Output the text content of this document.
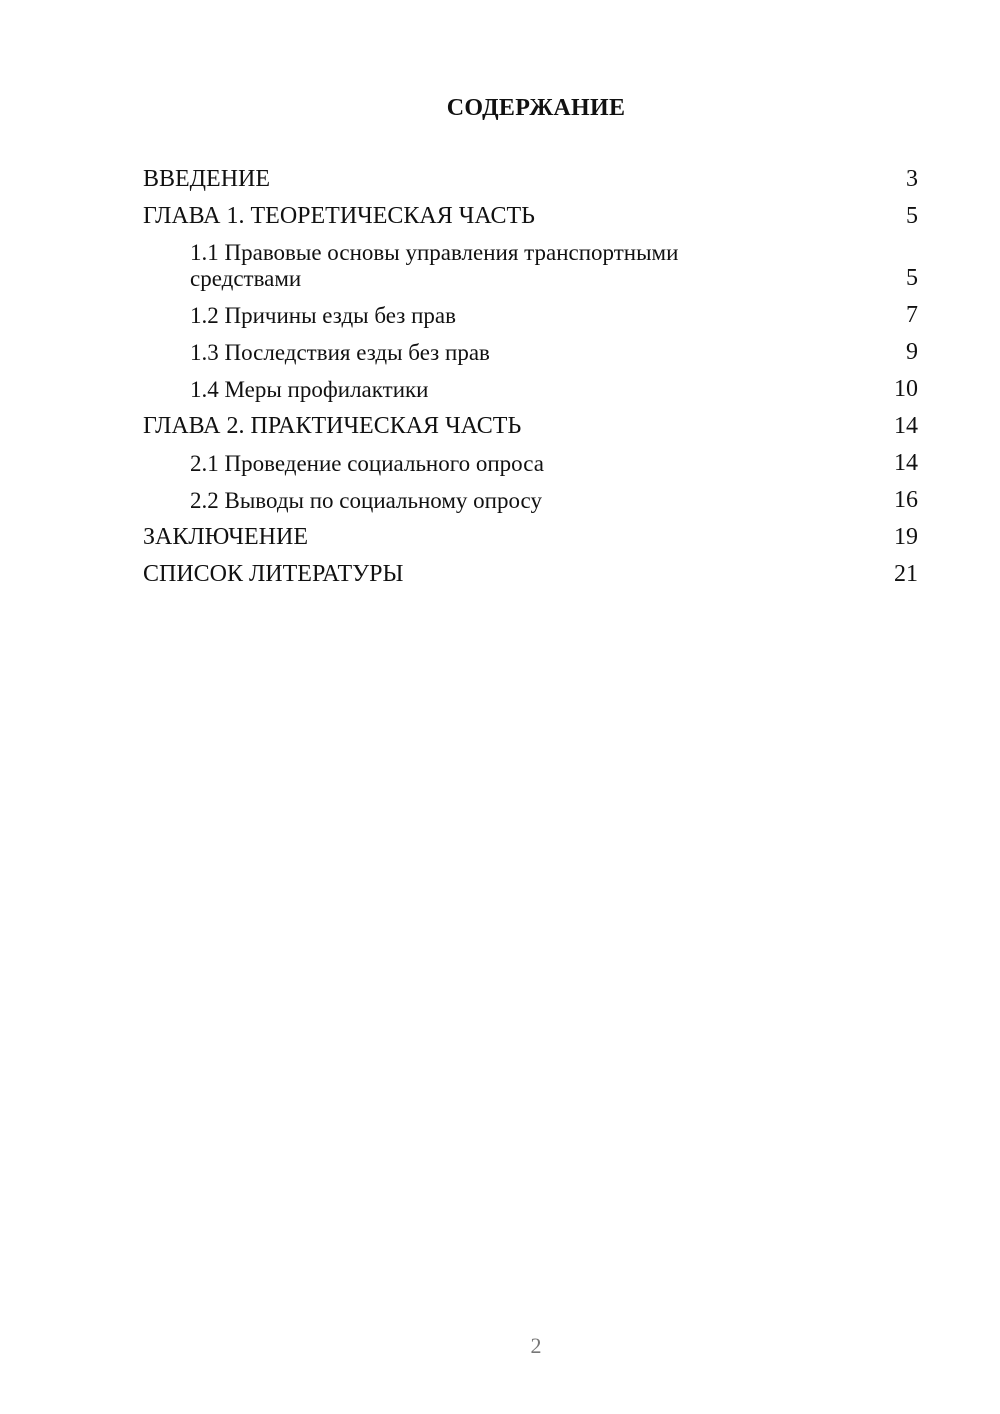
СОДЕРЖАНИЕ
ВВЕДЕНИЕ	3
ГЛАВА 1. ТЕОРЕТИЧЕСКАЯ ЧАСТЬ	5
1.1 Правовые основы управления транспортными средствами	5
1.2 Причины езды без прав	7
1.3 Последствия езды без прав	9
1.4 Меры профилактики	10
ГЛАВА 2. ПРАКТИЧЕСКАЯ ЧАСТЬ	14
2.1 Проведение социального опроса	14
2.2 Выводы по социальному опросу	16
ЗАКЛЮЧЕНИЕ	19
СПИСОК ЛИТЕРАТУРЫ	21
2
